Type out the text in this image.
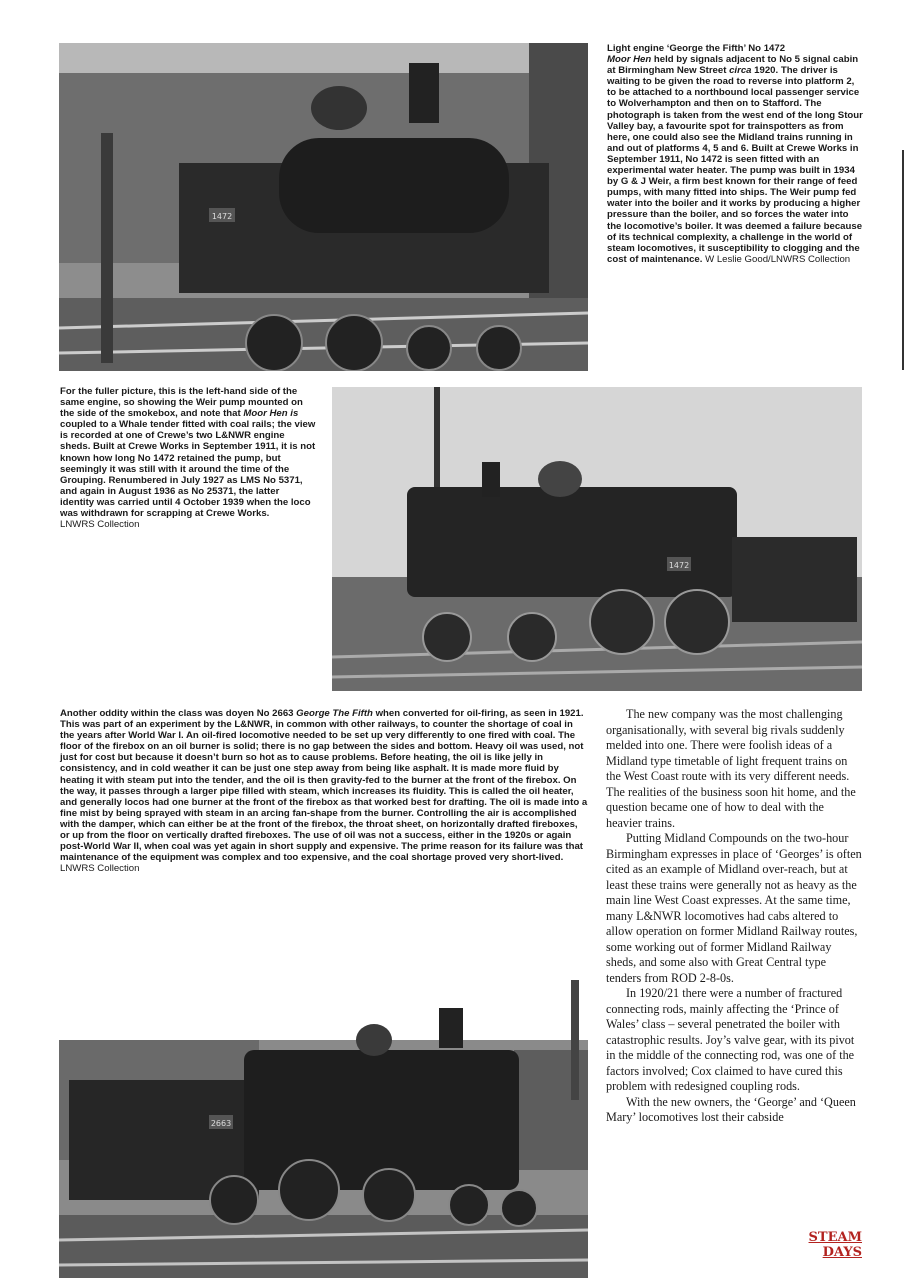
1472
Light engine ‘George the Fifth’ No 1472
Moor Hen held by signals adjacent to No 5 signal cabin at Birmingham New Street circa 1920. The driver is waiting to be given the road to reverse into platform 2, to be attached to a northbound local passenger service to Wolverhampton and then on to Stafford. The photograph is taken from the west end of the long Stour Valley bay, a favourite spot for trainspotters as from here, one could also see the Midland trains running in and out of platforms 4, 5 and 6. Built at Crewe Works in September 1911, No 1472 is seen fitted with an experimental water heater. The pump was built in 1934 by G & J Weir, a firm best known for their range of feed pumps, with many fitted into ships. The Weir pump fed water into the boiler and it works by producing a higher pressure than the boiler, and so forces the water into the locomotive’s boiler. It was deemed a failure because of its technical complexity, a challenge in the world of steam locomotives, it susceptibility to clogging and the cost of maintenance. W Leslie Good/LNWRS Collection
1472
For the fuller picture, this is the left-hand side of the same engine, so showing the Weir pump mounted on the side of the smokebox, and note that Moor Hen is coupled to a Whale tender fitted with coal rails; the view is recorded at one of Crewe’s two L&NWR engine sheds. Built at Crewe Works in September 1911, it is not known how long No 1472 retained the pump, but seemingly it was still with it around the time of the Grouping. Renumbered in July 1927 as LMS No 5371, and again in August 1936 as No 25371, the latter identity was carried until 4 October 1939 when the loco was withdrawn for scrapping at Crewe Works.
LNWRS Collection
Another oddity within the class was doyen No 2663 George The Fifth when converted for oil-firing, as seen in 1921. This was part of an experiment by the L&NWR, in common with other railways, to counter the shortage of coal in the years after World War I. An oil-fired locomotive needed to be set up very differently to one fired with coal. The floor of the firebox on an oil burner is solid; there is no gap between the sides and bottom. Heavy oil was used, not just for cost but because it doesn’t burn so hot as to cause problems. Before heating, the oil is like jelly in consistency, and in cold weather it can be just one step away from being like asphalt. It is made more fluid by heating it with steam put into the tender, and the oil is then gravity-fed to the burner at the front of the firebox. On the way, it passes through a larger pipe filled with steam, which increases its fluidity. This is called the oil heater, and generally locos had one burner at the front of the firebox as that worked best for drafting. The oil is made into a fine mist by being sprayed with steam in an arcing fan-shape from the burner. Controlling the air is accomplished with the damper, which can either be at the front of the firebox, the throat sheet, on horizontally drafted fireboxes, or up from the floor on vertically drafted fireboxes. The use of oil was not a success, either in the 1920s or again post-World War II, when coal was yet again in short supply and expensive. The prime reason for its failure was that maintenance of the equipment was complex and too expensive, and the coal shortage proved very short-lived. LNWRS Collection
2663

The new company was the most challenging organisationally, with several big rivals suddenly melded into one. There were foolish ideas of a Midland type timetable of light frequent trains on the West Coast route with its very different needs. The realities of the business soon hit home, and the question became one of how to deal with the heavier trains.

Putting Midland Compounds on the two-hour Birmingham expresses in place of ‘Georges’ is often cited as an example of Midland over-reach, but at least these trains were generally not as heavy as the main line West Coast expresses. At the same time, many L&NWR locomotives had cabs altered to allow operation on former Midland Railway routes, some working out of former Midland Railway sheds, and some also with Great Central type tenders from ROD 2-8-0s.

In 1920/21 there were a number of fractured connecting rods, mainly affecting the ‘Prince of Wales’ class – several penetrated the boiler with catastrophic results. Joy’s valve gear, with its pivot in the middle of the connecting rod, was one of the factors involved; Cox claimed to have cured this problem with redesigned coupling rods.

With the new owners, the ‘George’ and ‘Queen Mary’ locomotives lost their cabside

STEAM DAYS
